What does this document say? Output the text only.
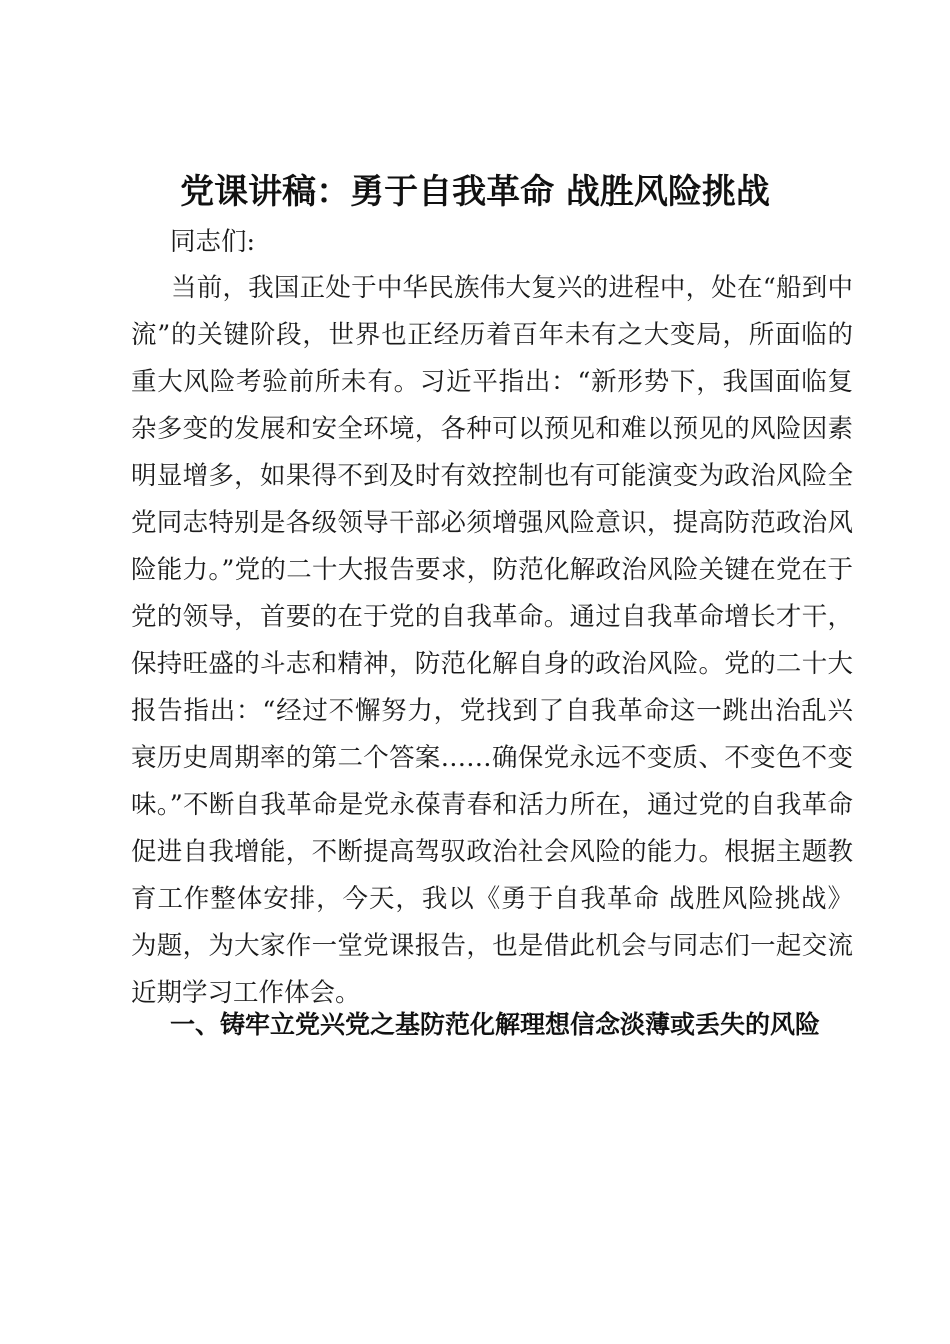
党课讲稿：勇于自我革命 战胜风险挑战
同志们:

当前，我国正处于中华民族伟大复兴的进程中，处在“船到中流”的关键阶段，世界也正经历着百年未有之大变局，所面临的重大风险考验前所未有。习近平指出：“新形势下，我国面临复杂多变的发展和安全环境，各种可以预见和难以预见的风险因素明显增多，如果得不到及时有效控制也有可能演变为政治风险全党同志特别是各级领导干部必须增强风险意识，提高防范政治风险能力。”党的二十大报告要求，防范化解政治风险关键在党在于党的领导，首要的在于党的自我革命。通过自我革命增长才干，保持旺盛的斗志和精神，防范化解自身的政治风险。党的二十大报告指出：“经过不懈努力，党找到了自我革命这一跳出治乱兴衰历史周期率的第二个答案……确保党永远不变质、不变色不变味。”不断自我革命是党永葆青春和活力所在，通过党的自我革命促进自我增能，不断提高驾驭政治社会风险的能力。根据主题教育工作整体安排，今天，我以《勇于自我革命 战胜风险挑战》为题，为大家作一堂党课报告，也是借此机会与同志们一起交流近期学习工作体会。

一、铸牢立党兴党之基防范化解理想信念淡薄或丢失的风险
